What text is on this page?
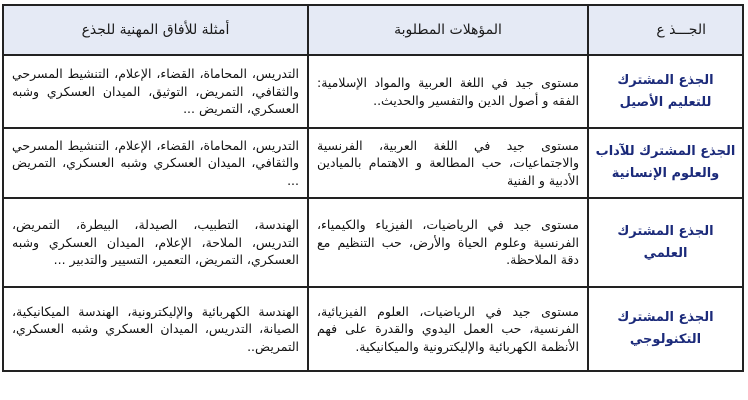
الجـــذ ع	المؤهلات المطلوبة	أمثلة للأفاق المهنية للجذع
الجذع المشترك للتعليم الأصيل	مستوى جيد في اللغة العربية والمواد الإسلامية: الفقه و أصول الدين والتفسير والحديث..	التدريس، المحاماة، القضاء، الإعلام، التنشيط المسرحي والثقافي، التمريض، التوثيق، الميدان العسكري وشبه العسكري، التمريض ...
الجذع المشترك للآداب والعلوم الإنسانية	مستوى جيد في اللغة العربية، الفرنسية والاجتماعيات، حب المطالعة و الاهتمام بالميادين الأدبية و الفنية	التدريس، المحاماة، القضاء، الإعلام، التنشيط المسرحي والثقافي، الميدان العسكري وشبه العسكري، التمريض ...
الجذع المشترك العلمي	مستوى جيد في الرياضيات، الفيزياء والكيمياء، الفرنسية وعلوم الحياة والأرض، حب التنظيم مع دقة الملاحظة.	الهندسة، التطبيب، الصيدلة، البيطرة، التمريض، التدريس، الملاحة، الإعلام، الميدان العسكري وشبه العسكري، التمريض، التعمير، التسيير والتدبير ...
الجذع المشترك التكنولوجي	مستوى جيد في الرياضيات، العلوم الفيزيائية، الفرنسية، حب العمل اليدوي والقدرة على فهم الأنظمة الكهربائية والإليكترونية والميكانيكية.	الهندسة الكهربائية والإليكترونية، الهندسة الميكانيكية، الصيانة، التدريس، الميدان العسكري وشبه العسكري، التمريض..
